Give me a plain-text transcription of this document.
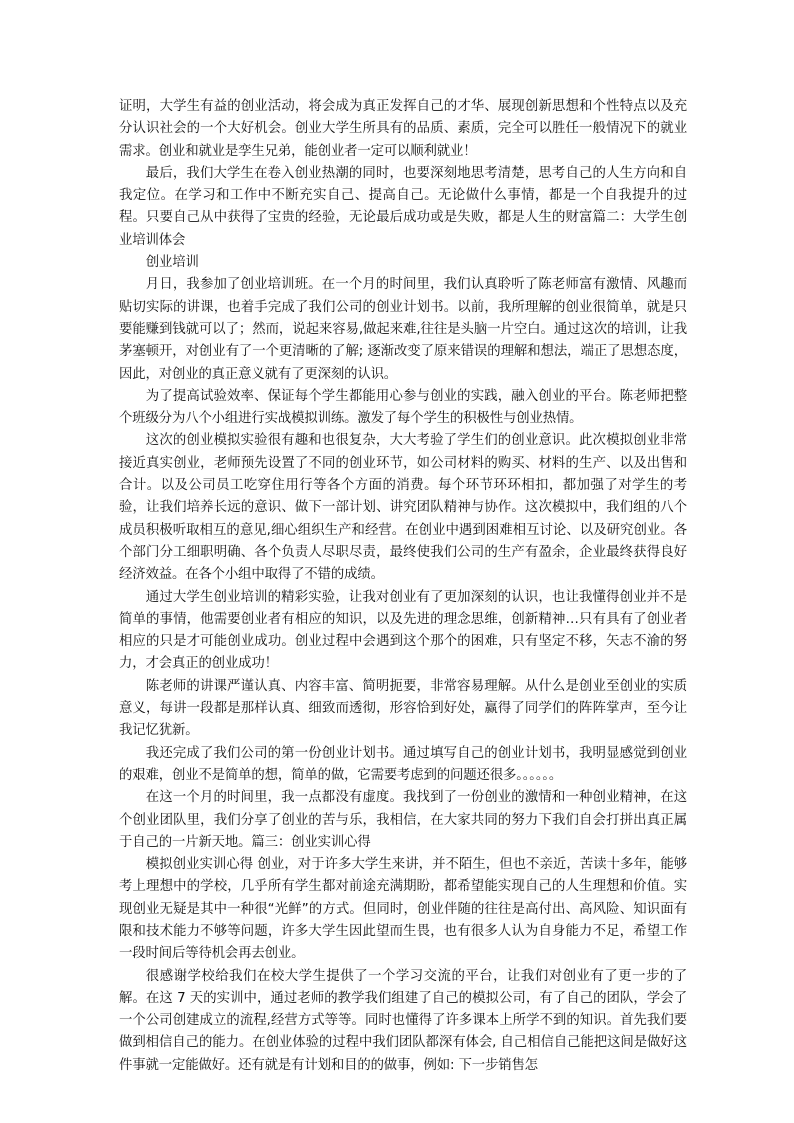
证明，大学生有益的创业活动，将会成为真正发挥自己的才华、展现创新思想和个性特点以及充分认识社会的一个大好机会。创业大学生所具有的品质、素质，完全可以胜任一般情况下的就业需求。创业和就业是孪生兄弟，能创业者一定可以顺利就业！

最后，我们大学生在卷入创业热潮的同时，也要深刻地思考清楚，思考自己的人生方向和自我定位。在学习和工作中不断充实自己、提高自己。无论做什么事情，都是一个自我提升的过程。只要自己从中获得了宝贵的经验，无论最后成功或是失败，都是人生的财富篇二：大学生创业培训体会

创业培训

月日，我参加了创业培训班。在一个月的时间里，我们认真聆听了陈老师富有激情、风趣而贴切实际的讲课，也着手完成了我们公司的创业计划书。以前，我所理解的创业很简单，就是只要能赚到钱就可以了；然而，说起来容易,做起来难,往往是头脑一片空白。通过这次的培训，让我茅塞顿开，对创业有了一个更清晰的了解; 逐渐改变了原来错误的理解和想法，端正了思想态度，因此，对创业的真正意义就有了更深刻的认识。

为了提高试验效率、保证每个学生都能用心参与创业的实践，融入创业的平台。陈老师把整个班级分为八个小组进行实战模拟训练。激发了每个学生的积极性与创业热情。

这次的创业模拟实验很有趣和也很复杂，大大考验了学生们的创业意识。此次模拟创业非常接近真实创业，老师预先设置了不同的创业环节，如公司材料的购买、材料的生产、以及出售和合计。以及公司员工吃穿住用行等各个方面的消费。每个环节环环相扣，都加强了对学生的考验，让我们培养长远的意识、做下一部计划、讲究团队精神与协作。这次模拟中，我们组的八个成员积极听取相互的意见,细心组织生产和经营。在创业中遇到困难相互讨论、以及研究创业。各个部门分工细职明确、各个负责人尽职尽责，最终使我们公司的生产有盈余，企业最终获得良好经济效益。在各个小组中取得了不错的成绩。

通过大学生创业培训的精彩实验，让我对创业有了更加深刻的认识，也让我懂得创业并不是简单的事情，他需要创业者有相应的知识，以及先进的理念思维，创新精神…只有具有了创业者相应的只是才可能创业成功。创业过程中会遇到这个那个的困难，只有坚定不移，矢志不渝的努力，才会真正的创业成功！

陈老师的讲课严谨认真、内容丰富、简明扼要，非常容易理解。从什么是创业至创业的实质意义，每讲一段都是那样认真、细致而透彻，形容恰到好处，赢得了同学们的阵阵掌声，至今让我记忆犹新。

我还完成了我们公司的第一份创业计划书。通过填写自己的创业计划书，我明显感觉到创业的艰难，创业不是简单的想，简单的做，它需要考虑到的问题还很多。。。。。。

在这一个月的时间里，我一点都没有虚度。我找到了一份创业的激情和一种创业精神，在这个创业团队里，我们分享了创业的苦与乐，我相信，在大家共同的努力下我们自会打拼出真正属于自己的一片新天地。篇三：创业实训心得

模拟创业实训心得 创业，对于许多大学生来讲，并不陌生，但也不亲近，苦读十多年，能够考上理想中的学校，几乎所有学生都对前途充满期盼，都希望能实现自己的人生理想和价值。实现创业无疑是其中一种很“光鲜”的方式。但同时，创业伴随的往往是高付出、高风险、知识面有限和技术能力不够等问题，许多大学生因此望而生畏，也有很多人认为自身能力不足，希望工作一段时间后等待机会再去创业。

很感谢学校给我们在校大学生提供了一个学习交流的平台，让我们对创业有了更一步的了解。在这 7 天的实训中，通过老师的教学我们组建了自己的模拟公司，有了自己的团队，学会了一个公司创建成立的流程,经营方式等等。同时也懂得了许多课本上所学不到的知识。首先我们要做到相信自己的能力。在创业体验的过程中我们团队都深有体会, 自己相信自己能把这间是做好这件事就一定能做好。还有就是有计划和目的的做事，例如: 下一步销售怎
